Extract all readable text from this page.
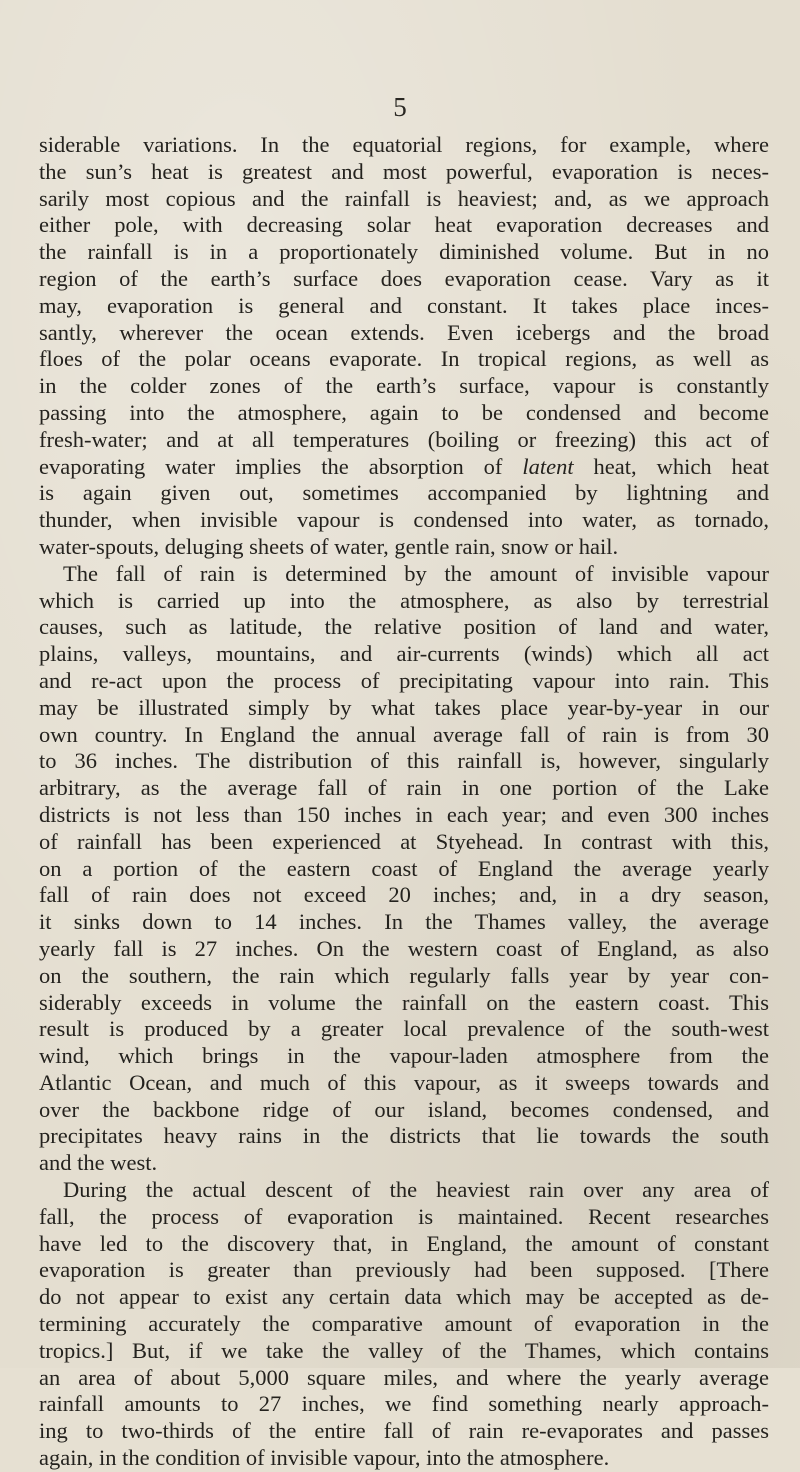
5
siderable variations. In the equatorial regions, for example, where
the sun’s heat is greatest and most powerful, evaporation is neces-
sarily most copious and the rainfall is heaviest; and, as we approach
either pole, with decreasing solar heat evaporation decreases and
the rainfall is in a proportionately diminished volume. But in no
region of the earth’s surface does evaporation cease. Vary as it
may, evaporation is general and constant. It takes place inces-
santly, wherever the ocean extends. Even icebergs and the broad
floes of the polar oceans evaporate. In tropical regions, as well as
in the colder zones of the earth’s surface, vapour is constantly
passing into the atmosphere, again to be condensed and become
fresh-water; and at all temperatures (boiling or freezing) this act of
evaporating water implies the absorption of latent heat, which heat
is again given out, sometimes accompanied by lightning and
thunder, when invisible vapour is condensed into water, as tornado,
water-spouts, deluging sheets of water, gentle rain, snow or hail.
The fall of rain is determined by the amount of invisible vapour
which is carried up into the atmosphere, as also by terrestrial
causes, such as latitude, the relative position of land and water,
plains, valleys, mountains, and air-currents (winds) which all act
and re-act upon the process of precipitating vapour into rain. This
may be illustrated simply by what takes place year-by-year in our
own country. In England the annual average fall of rain is from 30
to 36 inches. The distribution of this rainfall is, however, singularly
arbitrary, as the average fall of rain in one portion of the Lake
districts is not less than 150 inches in each year; and even 300 inches
of rainfall has been experienced at Styehead. In contrast with this,
on a portion of the eastern coast of England the average yearly
fall of rain does not exceed 20 inches; and, in a dry season,
it sinks down to 14 inches. In the Thames valley, the average
yearly fall is 27 inches. On the western coast of England, as also
on the southern, the rain which regularly falls year by year con-
siderably exceeds in volume the rainfall on the eastern coast. This
result is produced by a greater local prevalence of the south-west
wind, which brings in the vapour-laden atmosphere from the
Atlantic Ocean, and much of this vapour, as it sweeps towards and
over the backbone ridge of our island, becomes condensed, and
precipitates heavy rains in the districts that lie towards the south
and the west.
During the actual descent of the heaviest rain over any area of
fall, the process of evaporation is maintained. Recent researches
have led to the discovery that, in England, the amount of constant
evaporation is greater than previously had been supposed. [There
do not appear to exist any certain data which may be accepted as de-
termining accurately the comparative amount of evaporation in the
tropics.] But, if we take the valley of the Thames, which contains
an area of about 5,000 square miles, and where the yearly average
rainfall amounts to 27 inches, we find something nearly approach-
ing to two-thirds of the entire fall of rain re-evaporates and passes
again, in the condition of invisible vapour, into the atmosphere.
